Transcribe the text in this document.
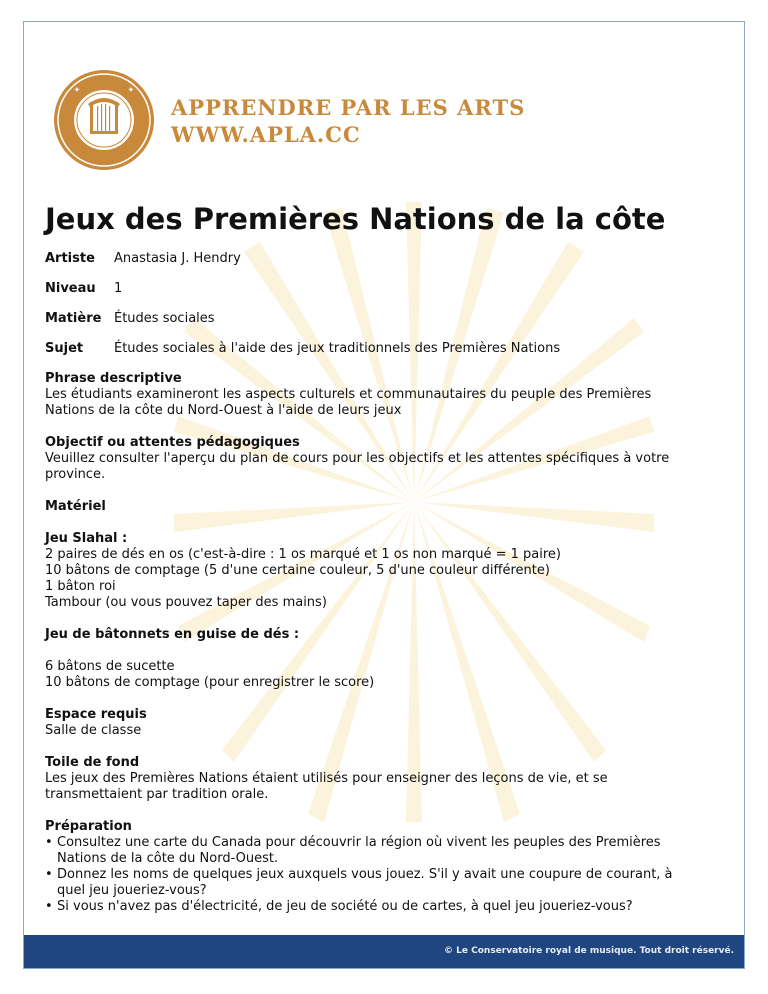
✦	✦
APPRENDRE PAR LES ARTS
WWW.APLA.CC
Jeux des Premières Nations de la côte
Artiste	Anastasia J. Hendry
Niveau	1
Matière Études sociales
Sujet	Études sociales à l'aide des jeux traditionnels des Premières Nations
Phrase descriptive
Les étudiants examineront les aspects culturels et communautaires du peuple des Premières Nations de la côte du Nord-Ouest à l'aide de leurs jeux
Objectif ou attentes pédagogiques
Veuillez consulter l'aperçu du plan de cours pour les objectifs et les attentes spécifiques à votre province.
Matériel
Jeu Slahal :
2 paires de dés en os (c'est-à-dire : 1 os marqué et 1 os non marqué = 1 paire)
10 bâtons de comptage (5 d'une certaine couleur, 5 d'une couleur différente)
1 bâton roi
Tambour (ou vous pouvez taper des mains)
Jeu de bâtonnets en guise de dés :
6 bâtons de sucette
10 bâtons de comptage (pour enregistrer le score)
Espace requis
Salle de classe
Toile de fond
Les jeux des Premières Nations étaient utilisés pour enseigner des leçons de vie, et se transmettaient par tradition orale.
Préparation
• Consultez une carte du Canada pour découvrir la région où vivent les peuples des Premières Nations de la côte du Nord-Ouest.
• Donnez les noms de quelques jeux auxquels vous jouez. S'il y avait une coupure de courant, à quel jeu joueriez-vous?
• Si vous n'avez pas d'électricité, de jeu de société ou de cartes, à quel jeu joueriez-vous?
© Le Conservatoire royal de musique. Tout droit réservé.
